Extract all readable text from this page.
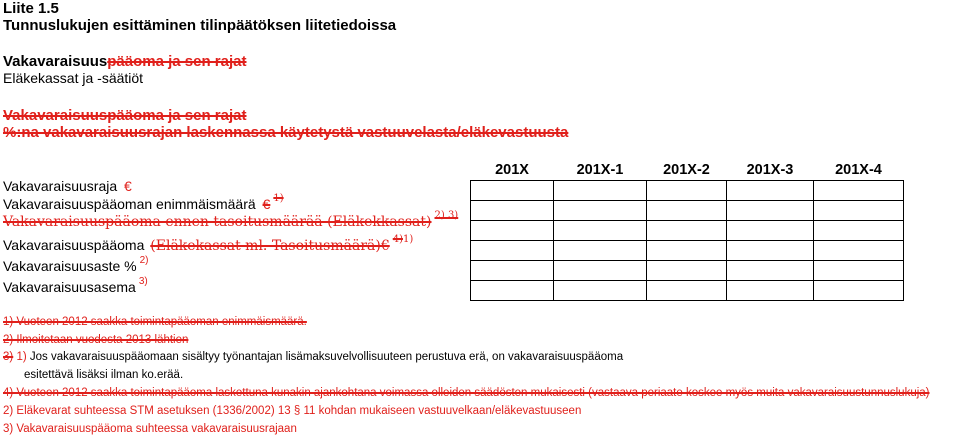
Liite 1.5
Tunnuslukujen esittäminen tilinpäätöksen liitetiedoissa
Vakavaraisuuspääoma ja sen rajat
Eläkekassat ja -säätiöt
Vakavaraisuuspääoma ja sen rajat
%:na vakavaraisuusrajan laskennassa käytetystä vastuuvelasta/eläkevastuusta
Vakavaraisuusraja €
Vakavaraisuuspääoman enimmäismäärä € $^{1)}$
Vakavaraisuuspääoma ennen tasoitusmäärää (Eläkekkassat) $^{2) 3)}$
Vakavaraisuuspääoma (Eläkekassat ml. Tasoitusmäärä)€ $^{4)1)}$
Vakavaraisuusaste % $^{2)}$
Vakavaraisuusasema $^{3)}$
201X	201X-1	201X-2	201X-3	201X-4

1) Vuoteen 2012 saakka toimintapääoman enimmäismäärä.
2) Ilmoitetaan vuodesta 2013 lähtien
3) 1) Jos vakavaraisuuspääomaan sisältyy työnantajan lisämaksuvelvollisuuteen perustuva erä, on vakavaraisuuspääoma
esitettävä lisäksi ilman ko.erää.
4) Vuoteen 2012 saakka toimintapääoma laskettuna kunakin ajankohtana voimassa olleiden säädösten mukaisesti (vastaava periaate koskee myös muita vakavaraisuustunnuslukuja)
2) Eläkevarat suhteessa STM asetuksen (1336/2002) 13 § 11 kohdan mukaiseen vastuuvelkaan/eläkevastuuseen
3) Vakavaraisuuspääoma suhteessa vakavaraisuusrajaan
